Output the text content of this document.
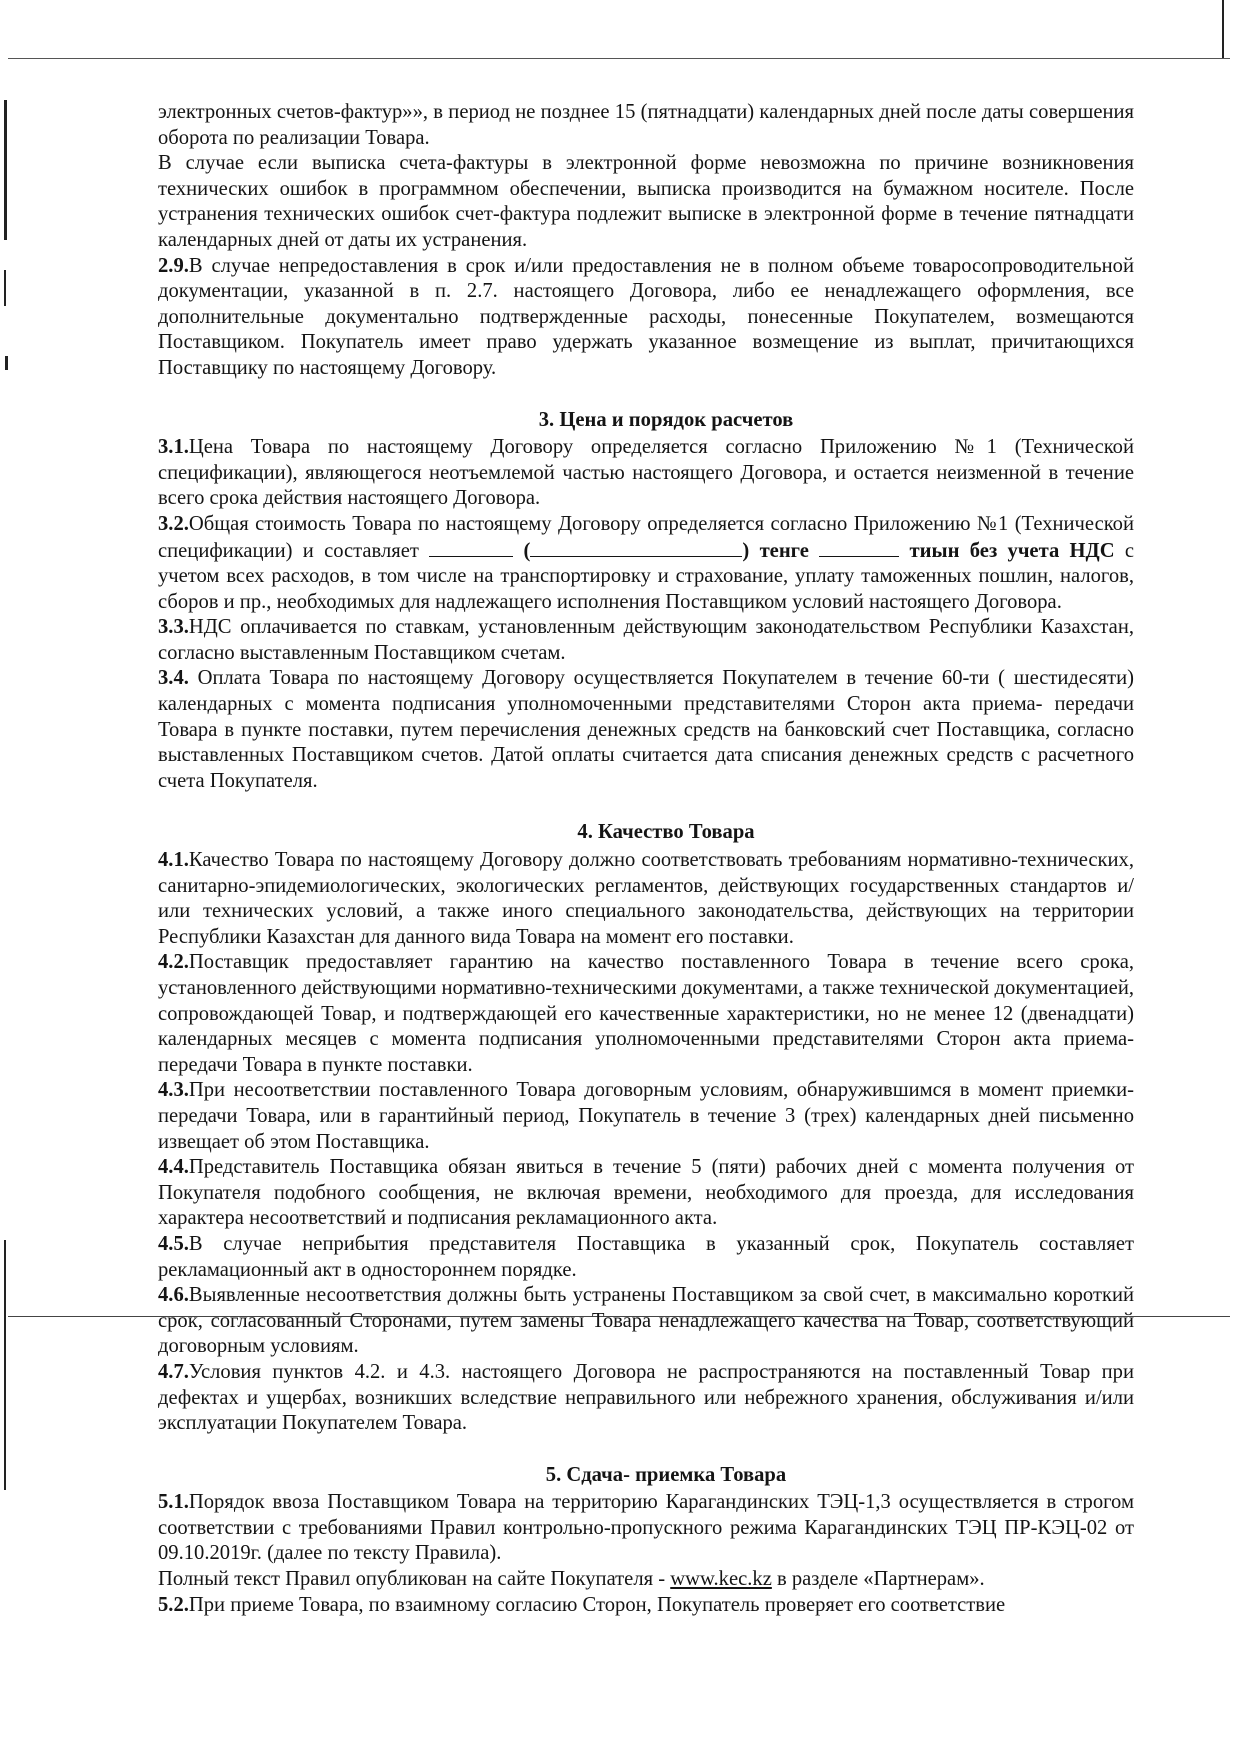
электронных счетов-фактур»», в период не позднее 15 (пятнадцати) календарных дней после даты совершения оборота по реализации Товара.

В случае если выписка счета-фактуры в электронной форме невозможна по причине возникновения технических ошибок в программном обеспечении, выписка производится на бумажном носителе. После устранения технических ошибок счет-фактура подлежит выписке в электронной форме в течение пятнадцати календарных дней от даты их устранения.

2.9.В случае непредоставления в срок и/или предоставления не в полном объеме товаросопроводительной документации, указанной в п. 2.7. настоящего Договора, либо ее ненадлежащего оформления, все дополнительные документально подтвержденные расходы, понесенные Покупателем, возмещаются Поставщиком. Покупатель имеет право удержать указанное возмещение из выплат, причитающихся Поставщику по настоящему Договору.

3. Цена и порядок расчетов

3.1.Цена Товара по настоящему Договору определяется согласно Приложению №1 (Технической спецификации), являющегося неотъемлемой частью настоящего Договора, и остается неизменной в течение всего срока действия настоящего Договора.

3.2.Общая стоимость Товара по настоящему Договору определяется согласно Приложению №1 (Технической спецификации) и составляет	(	) тенге	тиын без учета НДС с учетом всех расходов, в том числе на транспортировку и страхование, уплату таможенных пошлин, налогов, сборов и пр., необходимых для надлежащего исполнения Поставщиком условий настоящего Договора.

3.3.НДС оплачивается по ставкам, установленным действующим законодательством Республики Казахстан, согласно выставленным Поставщиком счетам.

3.4. Оплата Товара по настоящему Договору осуществляется Покупателем в течение 60-ти ( шестидесяти) календарных с момента подписания уполномоченными представителями Сторон акта приема- передачи Товара в пункте поставки, путем перечисления денежных средств на банковский счет Поставщика, согласно выставленных Поставщиком счетов. Датой оплаты считается дата списания денежных средств с расчетного счета Покупателя.

4. Качество Товара

4.1.Качество Товара по настоящему Договору должно соответствовать требованиям нормативно-технических, санитарно-эпидемиологических, экологических регламентов, действующих государственных стандартов и/или технических условий, а также иного специального законодательства, действующих на территории Республики Казахстан для данного вида Товара на момент его поставки.

4.2.Поставщик предоставляет гарантию на качество поставленного Товара в течение всего срока, установленного действующими нормативно-техническими документами, а также технической документацией, сопровождающей Товар, и подтверждающей его качественные характеристики, но не менее 12 (двенадцати) календарных месяцев с момента подписания уполномоченными представителями Сторон акта приема-передачи Товара в пункте поставки.

4.3.При несоответствии поставленного Товара договорным условиям, обнаружившимся в момент приемки-передачи Товара, или в гарантийный период, Покупатель в течение 3 (трех) календарных дней письменно извещает об этом Поставщика.

4.4.Представитель Поставщика обязан явиться в течение 5 (пяти) рабочих дней с момента получения от Покупателя подобного сообщения, не включая времени, необходимого для проезда, для исследования характера несоответствий и подписания рекламационного акта.

4.5.В случае неприбытия представителя Поставщика в указанный срок, Покупатель составляет рекламационный акт в одностороннем порядке.

4.6.Выявленные несоответствия должны быть устранены Поставщиком за свой счет, в максимально короткий срок, согласованный Сторонами, путем замены Товара ненадлежащего качества на Товар, соответствующий договорным условиям.

4.7.Условия пунктов 4.2. и 4.3. настоящего Договора не распространяются на поставленный Товар при дефектах и ущербах, возникших вследствие неправильного или небрежного хранения, обслуживания и/или эксплуатации Покупателем Товара.

5. Сдача- приемка Товара

5.1.Порядок ввоза Поставщиком Товара на территорию Карагандинских ТЭЦ-1,3 осуществляется в строгом соответствии с требованиями Правил контрольно-пропускного режима Карагандинских ТЭЦ ПР-КЭЦ-02 от 09.10.2019г. (далее по тексту Правила).

Полный текст Правил опубликован на сайте Покупателя - www.kec.kz в разделе «Партнерам».

5.2.При приеме Товара, по взаимному согласию Сторон, Покупатель проверяет его соответствие
